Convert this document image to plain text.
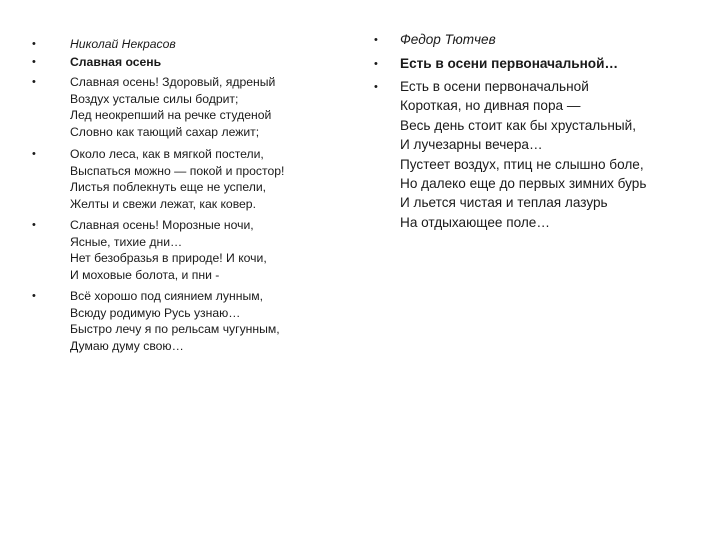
•	Николай Некрасов
•	Славная осень
•	Славная осень! Здоровый, ядреный
Воздух усталые силы бодрит;
Лед неокрепший на речке студеной
Словно как тающий сахар лежит;
•	Около леса, как в мягкой постели,
Выспаться можно — покой и простор!
Листья поблекнуть еще не успели,
Желты и свежи лежат, как ковер.
•	Славная осень! Морозные ночи,
Ясные, тихие дни…
Нет безобразья в природе! И кочи,
И моховые болота, и пни -
•	Всё хорошо под сиянием лунным,
Всюду родимую Русь узнаю…
Быстро лечу я по рельсам чугунным,
Думаю думу свою…
• Федор Тютчев
• Есть в осени первоначальной…
• Есть в осени первоначальной
Короткая, но дивная пора —
Весь день стоит как бы хрустальный,
И лучезарны вечера…
Пустеет воздух, птиц не слышно боле,
Но далеко еще до первых зимних бурь
И льется чистая и теплая лазурь
На отдыхающее поле…
